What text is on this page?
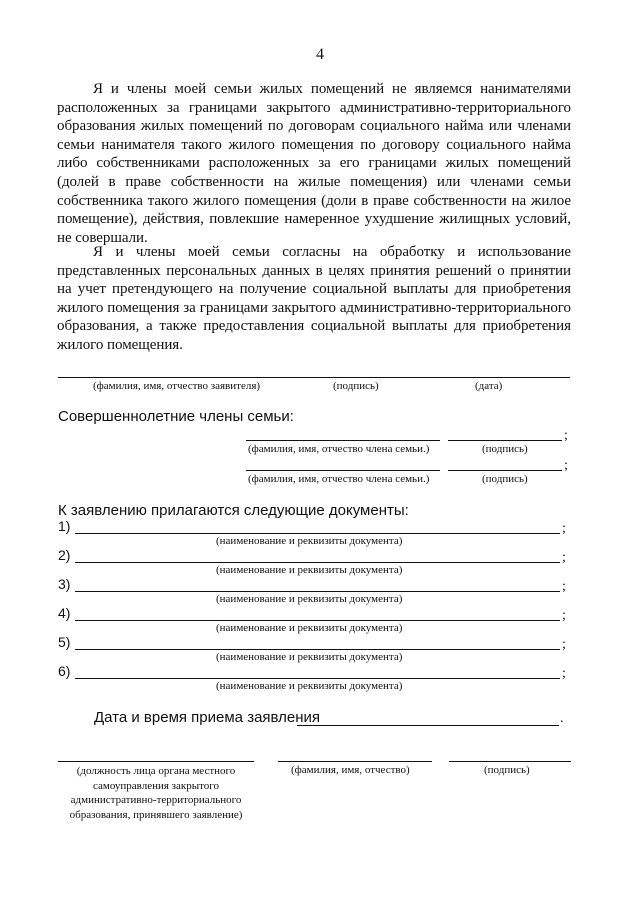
4

Я и члены моей семьи жилых помещений не являемся нанимателями расположенных за границами закрытого административно-территориального образования жилых помещений по договорам социального найма или членами семьи нанимателя такого жилого помещения по договору социального найма либо собственниками расположенных за его границами жилых помещений (долей в праве собственности на жилые помещения) или членами семьи собственника такого жилого помещения (доли в праве собственности на жилое помещение), действия, повлекшие намеренное ухудшение жилищных условий, не совершали.

Я и члены моей семьи согласны на обработку и использование представленных персональных данных в целях принятия решений о принятии на учет претендующего на получение социальной выплаты для приобретения жилого помещения за границами закрытого административно-территориального образования, а также предоставления социальной выплаты для приобретения жилого помещения.

(фамилия, имя, отчество заявителя)	(подпись)	(дата)
Совершеннолетние члены семьи:
;
(фамилия, имя, отчество члена семьи.)	(подпись)
;
(фамилия, имя, отчество члена семьи.)	(подпись)
К заявлению прилагаются следующие документы:
1)	;
(наименование и реквизиты документа)
2)	;
(наименование и реквизиты документа)
3)	;
(наименование и реквизиты документа)
4)	;
(наименование и реквизиты документа)
5)	;
(наименование и реквизиты документа)
6)	;
(наименование и реквизиты документа)
Дата и время приема заявления	.
(должность лица органа местного самоуправления закрытого административно-территориального образования, принявшего заявление)
(фамилия, имя, отчество)	(подпись)
